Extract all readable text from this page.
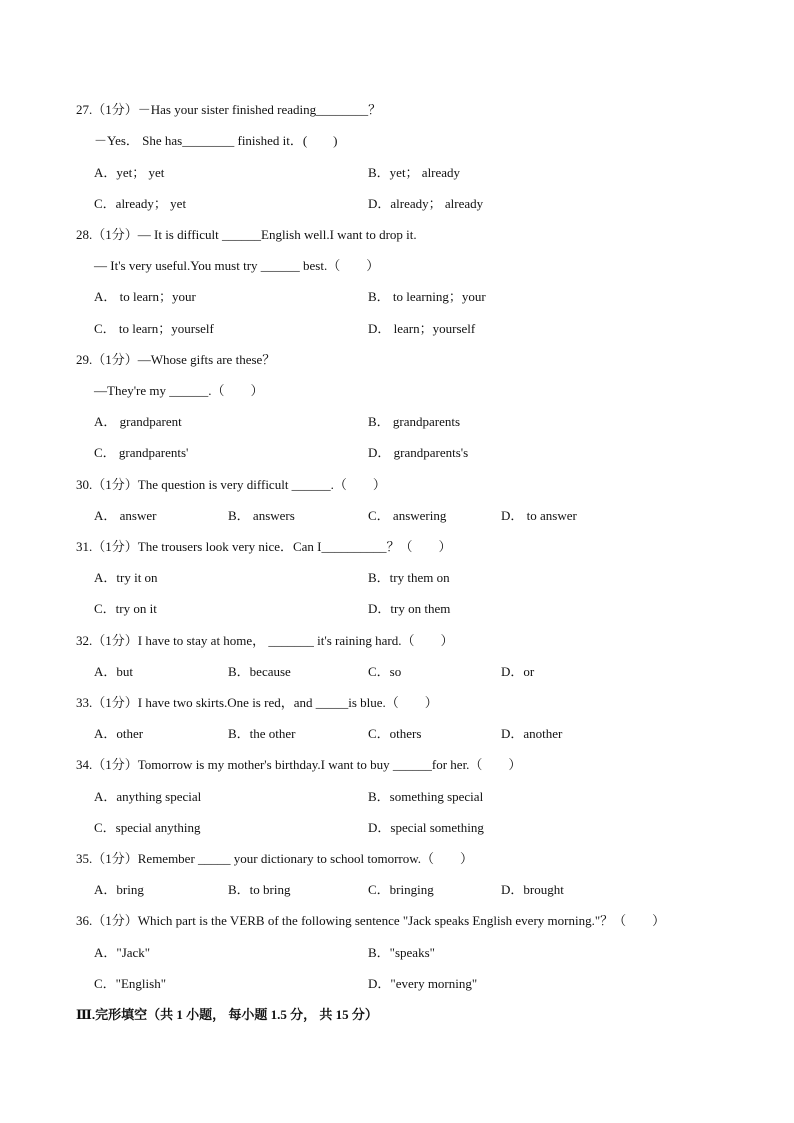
27.（1分）－Has your sister finished reading________？
－Yes． She has________ finished it．(　　)
A．yet； yet	B．yet； already
C．already； yet	D．already； already
28.（1分）— It is difficult ______English well.I want to drop it.
— It's very useful.You must try ______ best.（　　）
A． to learn；your	B． to learning；your
C． to learn；yourself	D． learn；yourself
29.（1分）—Whose gifts are these？
—They're my ______.（　　）
A． grandparent	B． grandparents
C． grandparents'	D． grandparents's
30.（1分）The question is very difficult ______.（　　）
A． answer	B． answers	C． answering	D． to answer
31.（1分）The trousers look very nice．Can I__________？（　　）
A．try it on	B．try them on
C．try on it	D．try on them
32.（1分）I have to stay at home， _______ it's raining hard.（　　）
A．but	B．because	C．so	D．or
33.（1分）I have two skirts.One is red，and _____is blue.（　　）
A．other	B．the other	C．others	D．another
34.（1分）Tomorrow is my mother's birthday.I want to buy ______for her.（　　）
A．anything special	B．something special
C．special anything	D．special something
35.（1分）Remember _____ your dictionary to school tomorrow.（　　）
A．bring	B．to bring	C．bringing	D．brought
36.（1分）Which part is the VERB of the following sentence "Jack speaks English every morning."？（　　）
A．"Jack"	B．"speaks"
C．"English"	D．"every morning"
Ⅲ.完形填空（共 1 小题， 每小题 1.5 分， 共 15 分）
